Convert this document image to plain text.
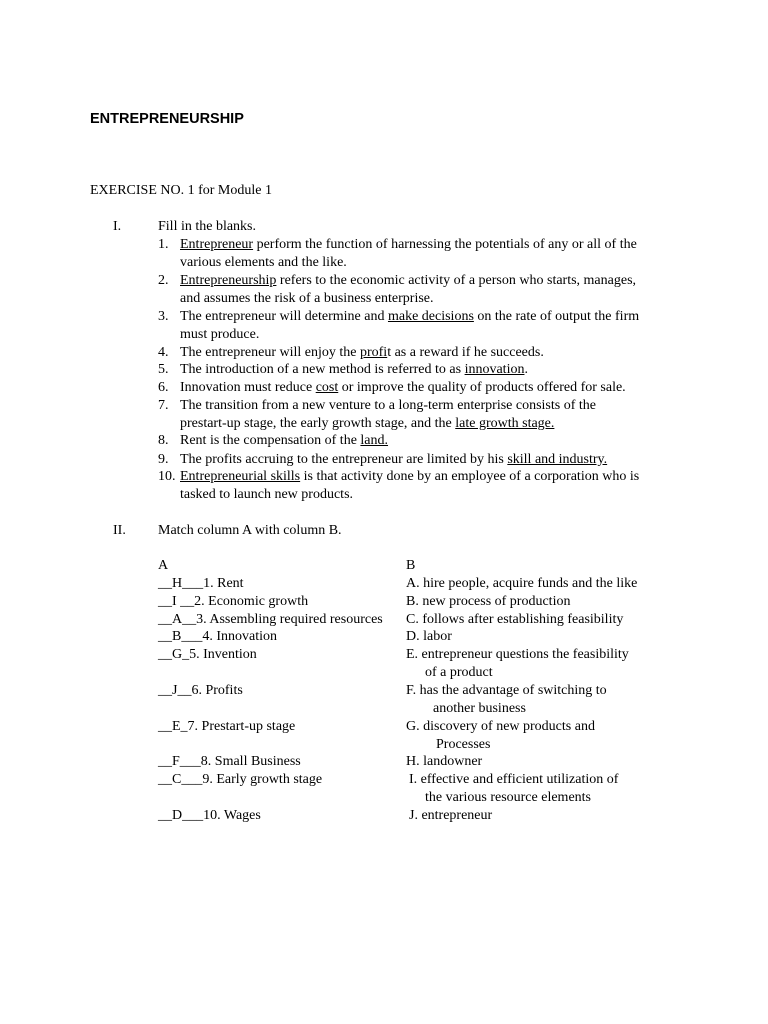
ENTREPRENEURSHIP
EXERCISE NO. 1 for Module 1
I.	Fill in the blanks.
1. Entrepreneur perform the function of harnessing the potentials of any or all of the
various elements and the like.
2. Entrepreneurship refers to the economic activity of a person who starts, manages,
and assumes the risk of a business enterprise.
3. The entrepreneur will determine and make decisions on the rate of output the firm
must produce.
4. The entrepreneur will enjoy the profit as a reward if he succeeds.
5. The introduction of a new method is referred to as innovation.
6. Innovation must reduce cost or improve the quality of products offered for sale.
7. The transition from a new venture to a long-term enterprise consists of the
prestart-up stage, the early growth stage, and the late growth stage.
8. Rent is the compensation of the land.
9. The profits accruing to the entrepreneur are limited by his skill and industry.
10. Entrepreneurial skills is that activity done by an employee of a corporation who is
tasked to launch new products.
II. Match column A with column B.
A	B
__H___1. Rent
__I __2. Economic growth
__A__3. Assembling required resources
__B___4. Innovation
__G_5. Invention
__J__6. Profits
__E_7. Prestart-up stage
__F___8. Small Business
__C___9. Early growth stage
__D___10. Wages
A. hire people, acquire funds and the like
B. new process of production
C. follows after establishing feasibility
D. labor
E. entrepreneur questions the feasibility
of a product
F. has the advantage of switching to
another business
G. discovery of new products and
Processes
H. landowner
I. effective and efficient utilization of
the various resource elements
J. entrepreneur
